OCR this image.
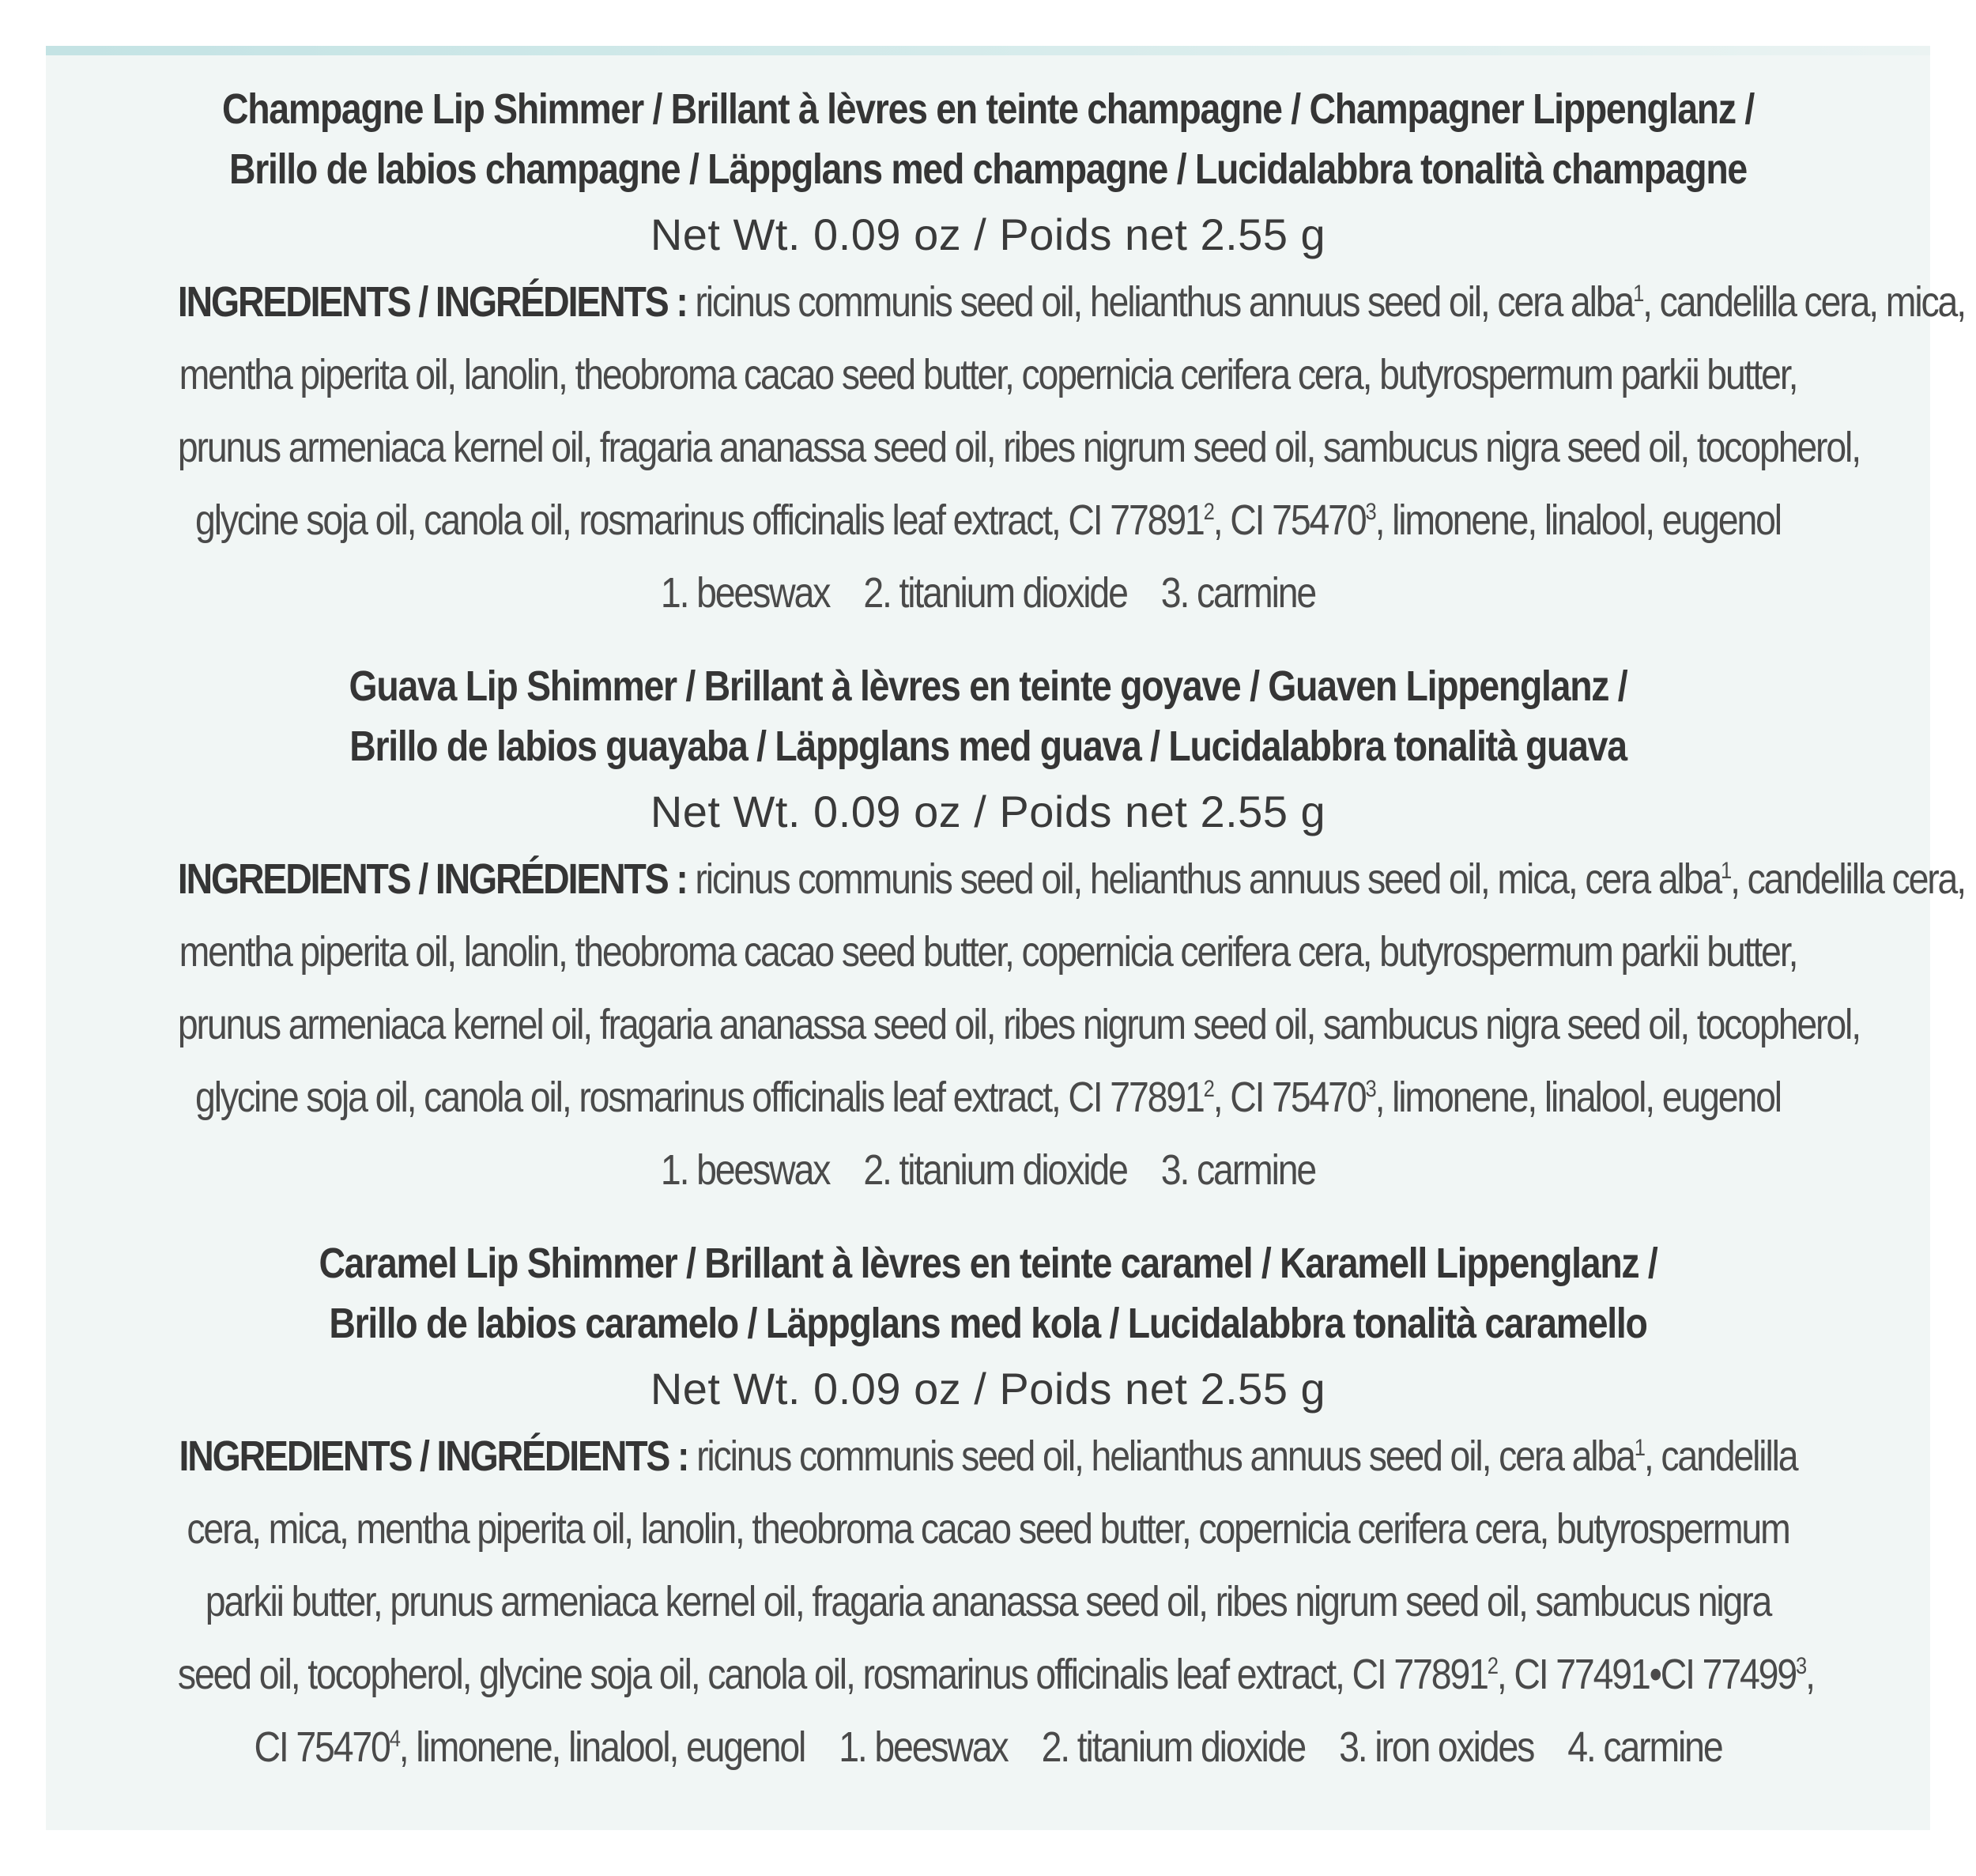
Champagne Lip Shimmer / Brillant à lèvres en teinte champagne / Champagner Lippenglanz /
Brillo de labios champagne / Läppglans med champagne / Lucidalabbra tonalità champagne
Net Wt. 0.09 oz / Poids net 2.55 g
INGREDIENTS / INGRÉDIENTS : ricinus communis seed oil, helianthus annuus seed oil, cera alba$^1$, candelilla cera, mica,
mentha piperita oil, lanolin, theobroma cacao seed butter, copernicia cerifera cera, butyrospermum parkii butter,
prunus armeniaca kernel oil, fragaria ananassa seed oil, ribes nigrum seed oil, sambucus nigra seed oil, tocopherol,
glycine soja oil, canola oil, rosmarinus officinalis leaf extract, CI 77891$^2$, CI 75470$^3$, limonene, linalool, eugenol
1. beeswax    2. titanium dioxide    3. carmine
Guava Lip Shimmer / Brillant à lèvres en teinte goyave / Guaven Lippenglanz /
Brillo de labios guayaba / Läppglans med guava / Lucidalabbra tonalità guava
Net Wt. 0.09 oz / Poids net 2.55 g
INGREDIENTS / INGRÉDIENTS : ricinus communis seed oil, helianthus annuus seed oil, mica, cera alba$^1$, candelilla cera,
mentha piperita oil, lanolin, theobroma cacao seed butter, copernicia cerifera cera, butyrospermum parkii butter,
prunus armeniaca kernel oil, fragaria ananassa seed oil, ribes nigrum seed oil, sambucus nigra seed oil, tocopherol,
glycine soja oil, canola oil, rosmarinus officinalis leaf extract, CI 77891$^2$, CI 75470$^3$, limonene, linalool, eugenol
1. beeswax    2. titanium dioxide    3. carmine
Caramel Lip Shimmer / Brillant à lèvres en teinte caramel / Karamell Lippenglanz /
Brillo de labios caramelo / Läppglans med kola / Lucidalabbra tonalità caramello
Net Wt. 0.09 oz / Poids net 2.55 g
INGREDIENTS / INGRÉDIENTS : ricinus communis seed oil, helianthus annuus seed oil, cera alba$^1$, candelilla
cera, mica, mentha piperita oil, lanolin, theobroma cacao seed butter, copernicia cerifera cera, butyrospermum
parkii butter, prunus armeniaca kernel oil, fragaria ananassa seed oil, ribes nigrum seed oil, sambucus nigra
seed oil, tocopherol, glycine soja oil, canola oil, rosmarinus officinalis leaf extract, CI 77891$^2$, CI 77491•CI 77499$^3$,
CI 75470$^4$, limonene, linalool, eugenol    1. beeswax    2. titanium dioxide    3. iron oxides    4. carmine
